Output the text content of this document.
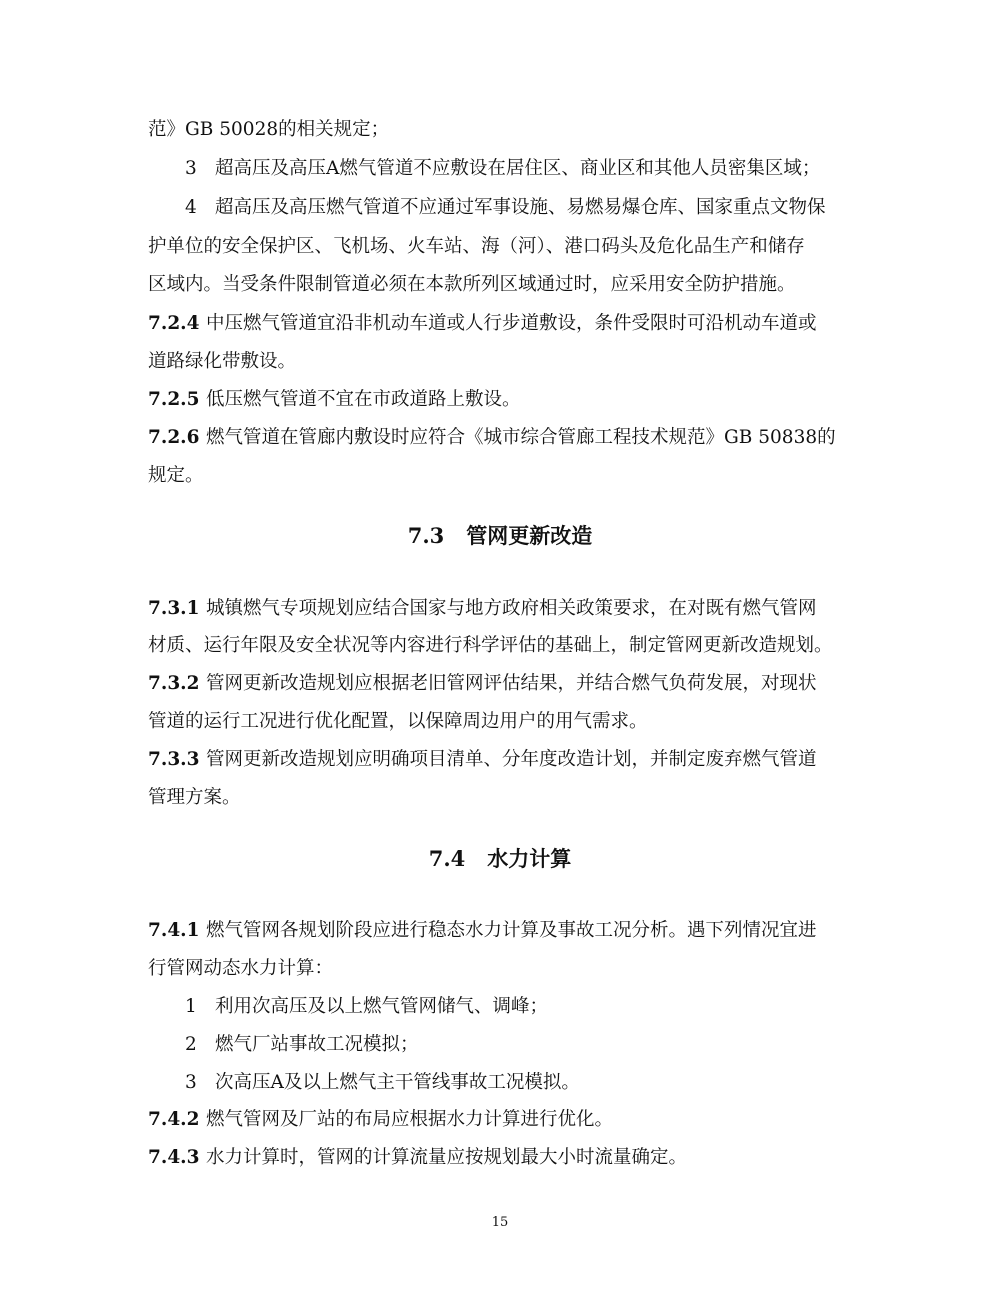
范》GB 50028的相关规定；
3 超高压及高压A燃气管道不应敷设在居住区、商业区和其他人员密集区域；
4 超高压及高压燃气管道不应通过军事设施、易燃易爆仓库、国家重点文物保
护单位的安全保护区、飞机场、火车站、海（河）、港口码头及危化品生产和储存
区域内。当受条件限制管道必须在本款所列区域通过时，应采用安全防护措施。
7.2.4 中压燃气管道宜沿非机动车道或人行步道敷设，条件受限时可沿机动车道或
道路绿化带敷设。
7.2.5 低压燃气管道不宜在市政道路上敷设。
7.2.6 燃气管道在管廊内敷设时应符合《城市综合管廊工程技术规范》GB 50838的
规定。
7.3 管网更新改造
7.3.1 城镇燃气专项规划应结合国家与地方政府相关政策要求，在对既有燃气管网
材质、运行年限及安全状况等内容进行科学评估的基础上，制定管网更新改造规划。
7.3.2 管网更新改造规划应根据老旧管网评估结果，并结合燃气负荷发展，对现状
管道的运行工况进行优化配置，以保障周边用户的用气需求。
7.3.3 管网更新改造规划应明确项目清单、分年度改造计划，并制定废弃燃气管道
管理方案。
7.4 水力计算
7.4.1 燃气管网各规划阶段应进行稳态水力计算及事故工况分析。遇下列情况宜进
行管网动态水力计算：
1 利用次高压及以上燃气管网储气、调峰；
2 燃气厂站事故工况模拟；
3 次高压A及以上燃气主干管线事故工况模拟。
7.4.2 燃气管网及厂站的布局应根据水力计算进行优化。
7.4.3 水力计算时，管网的计算流量应按规划最大小时流量确定。
15
